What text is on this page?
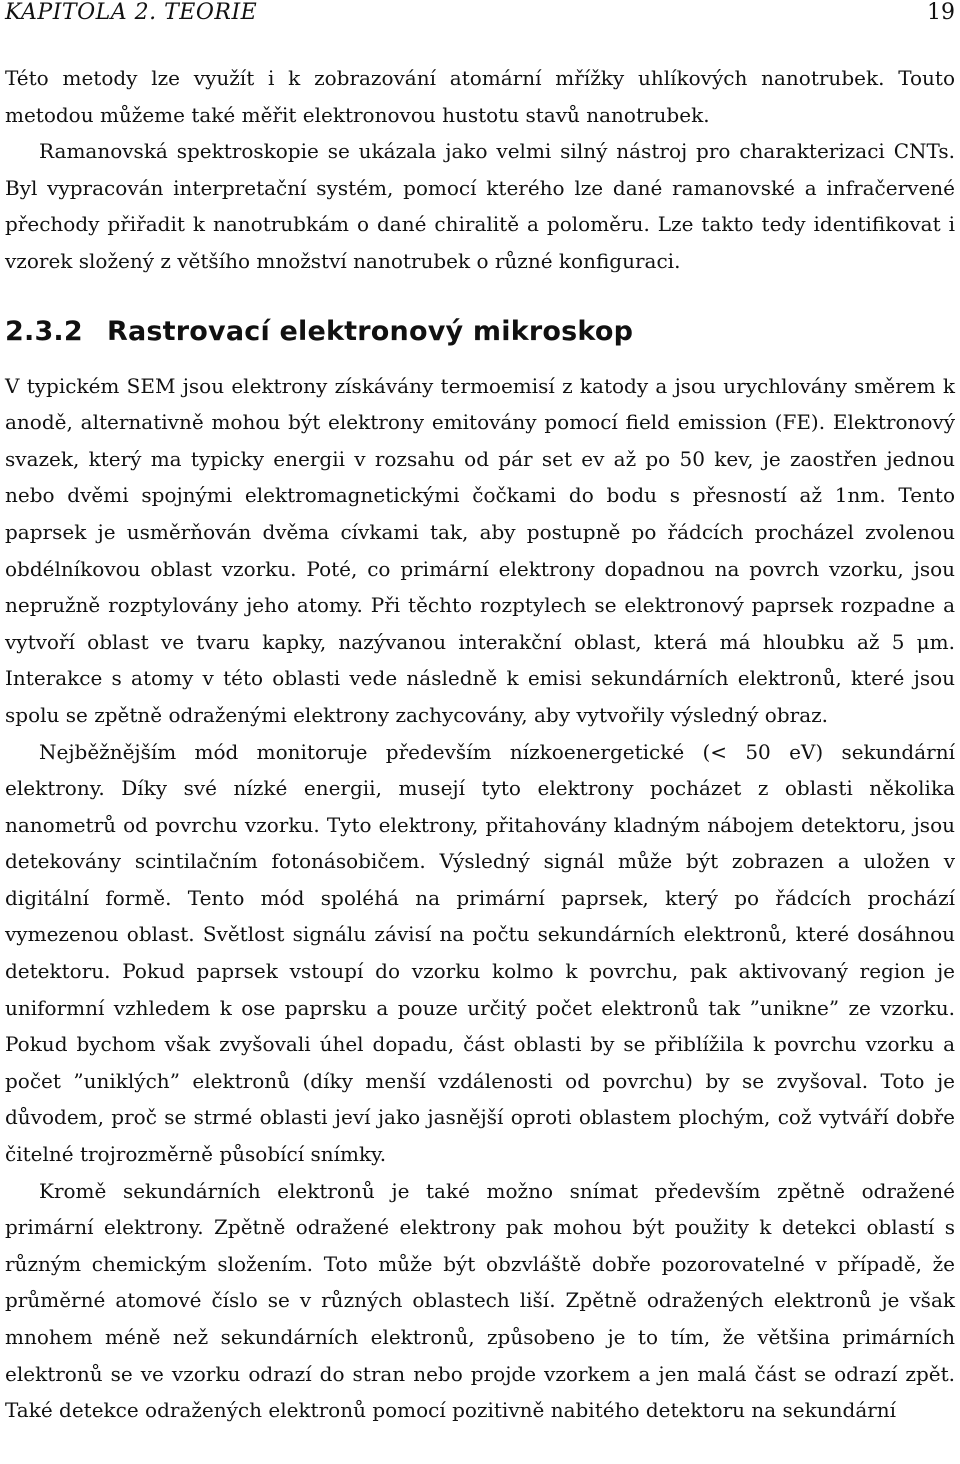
KAPITOLA 2. TEORIE	19

Této metody lze využít i k zobrazování atomární mřížky uhlíkových nanotrubek. Touto metodou můžeme také měřit elektronovou hustotu stavů nanotrubek.

Ramanovská spektroskopie se ukázala jako velmi silný nástroj pro charakterizaci CNTs. Byl vypracován interpretační systém, pomocí kterého lze dané ramanovské a infračervené přechody přiřadit k nanotrubkám o dané chiralitě a poloměru. Lze takto tedy identifikovat i vzorek složený z většího množství nanotrubek o různé konfiguraci.

2.3.2 Rastrovací elektronový mikroskop

V typickém SEM jsou elektrony získávány termoemisí z katody a jsou urychlovány směrem k anodě, alternativně mohou být elektrony emitovány pomocí field emission (FE). Elektronový svazek, který ma typicky energii v rozsahu od pár set ev až po 50 kev, je zaostřen jednou nebo dvěmi spojnými elektromagnetickými čočkami do bodu s přesností až 1nm. Tento paprsek je usměrňován dvěma cívkami tak, aby postupně po řádcích procházel zvolenou obdélníkovou oblast vzorku. Poté, co primární elektrony dopadnou na povrch vzorku, jsou nepružně rozptylovány jeho atomy. Při těchto rozptylech se elektronový paprsek rozpadne a vytvoří oblast ve tvaru kapky, nazývanou interakční oblast, která má hloubku až 5 μm. Interakce s atomy v této oblasti vede následně k emisi sekundárních elektronů, které jsou spolu se zpětně odraženými elektrony zachycovány, aby vytvořily výsledný obraz.

Nejběžnějším mód monitoruje především nízkoenergetické (< 50 eV) sekundární elektrony. Díky své nízké energii, musejí tyto elektrony pocházet z oblasti několika nanometrů od povrchu vzorku. Tyto elektrony, přitahovány kladným nábojem detektoru, jsou detekovány scintilačním fotonásobičem. Výsledný signál může být zobrazen a uložen v digitální formě. Tento mód spoléhá na primární paprsek, který po řádcích prochází vymezenou oblast. Světlost signálu závisí na počtu sekundárních elektronů, které dosáhnou detektoru. Pokud paprsek vstoupí do vzorku kolmo k povrchu, pak aktivovaný region je uniformní vzhledem k ose paprsku a pouze určitý počet elektronů tak ”unikne” ze vzorku. Pokud bychom však zvyšovali úhel dopadu, část oblasti by se přiblížila k povrchu vzorku a počet ”uniklých” elektronů (díky menší vzdálenosti od povrchu) by se zvyšoval. Toto je důvodem, proč se strmé oblasti jeví jako jasnější oproti oblastem plochým, což vytváří dobře čitelné trojrozměrně působící snímky.

Kromě sekundárních elektronů je také možno snímat především zpětně odražené primární elektrony. Zpětně odražené elektrony pak mohou být použity k detekci oblastí s různým chemickým složením. Toto může být obzvláště dobře pozorovatelné v případě, že průměrné atomové číslo se v různých oblastech liší. Zpětně odražených elektronů je však mnohem méně než sekundárních elektronů, způsobeno je to tím, že většina primárních elektronů se ve vzorku odrazí do stran nebo projde vzorkem a jen malá část se odrazí zpět. Také detekce odražených elektronů pomocí pozitivně nabitého detektoru na sekundární
